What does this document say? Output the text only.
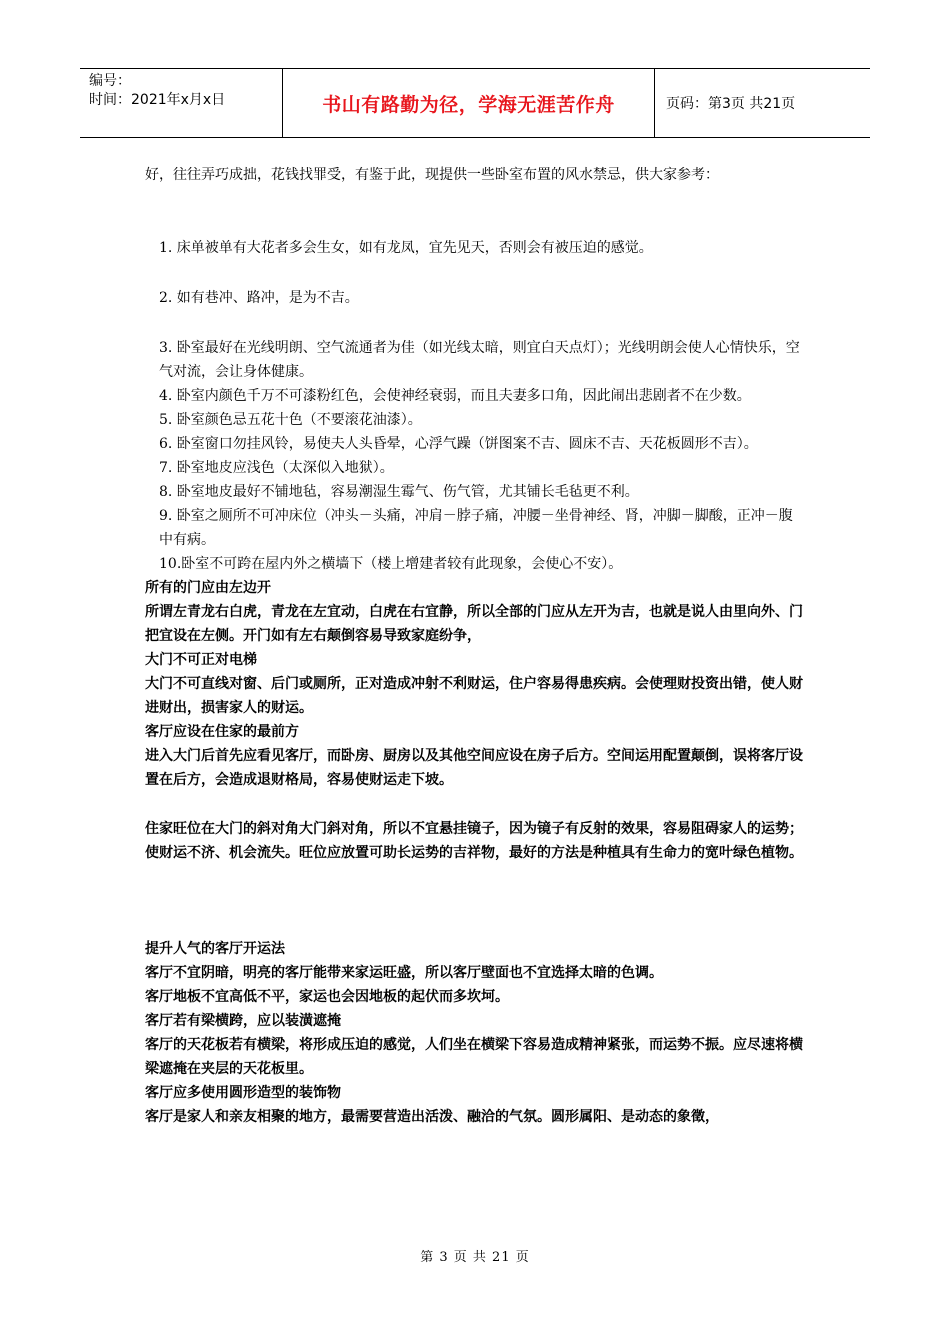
编号：
时间：2021年x月x日	书山有路勤为径，学海无涯苦作舟	页码：第3页 共21页

好，往往弄巧成拙，花钱找罪受，有鉴于此，现提供一些卧室布置的风水禁忌，供大家参考：

1. 床单被单有大花者多会生女，如有龙凤，宜先见天，否则会有被压迫的感觉。

2. 如有巷冲、路冲，是为不吉。

3. 卧室最好在光线明朗、空气流通者为佳（如光线太暗，则宜白天点灯）；光线明朗会使人心情快乐，空气对流，会让身体健康。

4. 卧室内颜色千万不可漆粉红色，会使神经衰弱，而且夫妻多口角，因此闹出悲剧者不在少数。

5. 卧室颜色忌五花十色（不要滚花油漆）。

6. 卧室窗口勿挂风铃，易使夫人头昏晕，心浮气躁（饼图案不吉、圆床不吉、天花板圆形不吉）。

7. 卧室地皮应浅色（太深似入地狱）。

8. 卧室地皮最好不铺地毡，容易潮湿生霉气、伤气管，尤其铺长毛毡更不利。

9. 卧室之厕所不可冲床位（冲头－头痛，冲肩－脖子痛，冲腰－坐骨神经、肾，冲脚－脚酸，正冲－腹中有病。

10.卧室不可跨在屋内外之横墙下（楼上增建者较有此现象，会使心不安）。

所有的门应由左边开

所谓左青龙右白虎，青龙在左宜动，白虎在右宜静，所以全部的门应从左开为吉，也就是说人由里向外、门把宜设在左侧。开门如有左右颠倒容易导致家庭纷争，

大门不可正对电梯

大门不可直线对窗、后门或厕所，正对造成冲射不利财运，住户容易得患疾病。会使理财投资出错，使人财进财出，损害家人的财运。

客厅应设在住家的最前方

进入大门后首先应看见客厅，而卧房、厨房以及其他空间应设在房子后方。空间运用配置颠倒，误将客厅设置在后方，会造成退财格局，容易使财运走下坡。

住家旺位在大门的斜对角大门斜对角，所以不宜悬挂镜子，因为镜子有反射的效果，容易阻碍家人的运势；使财运不济、机会流失。旺位应放置可助长运势的吉祥物，最好的方法是种植具有生命力的宽叶绿色植物。

提升人气的客厅开运法

客厅不宜阴暗，明亮的客厅能带来家运旺盛，所以客厅壁面也不宜选择太暗的色调。

客厅地板不宜高低不平，家运也会因地板的起伏而多坎坷。

客厅若有梁横跨，应以装潢遮掩

客厅的天花板若有横梁，将形成压迫的感觉，人们坐在横梁下容易造成精神紧张，而运势不振。应尽速将横梁遮掩在夹层的天花板里。

客厅应多使用圆形造型的装饰物

客厅是家人和亲友相聚的地方，最需要营造出活泼、融洽的气氛。圆形属阳、是动态的象徵，

第 3 页 共 21 页
